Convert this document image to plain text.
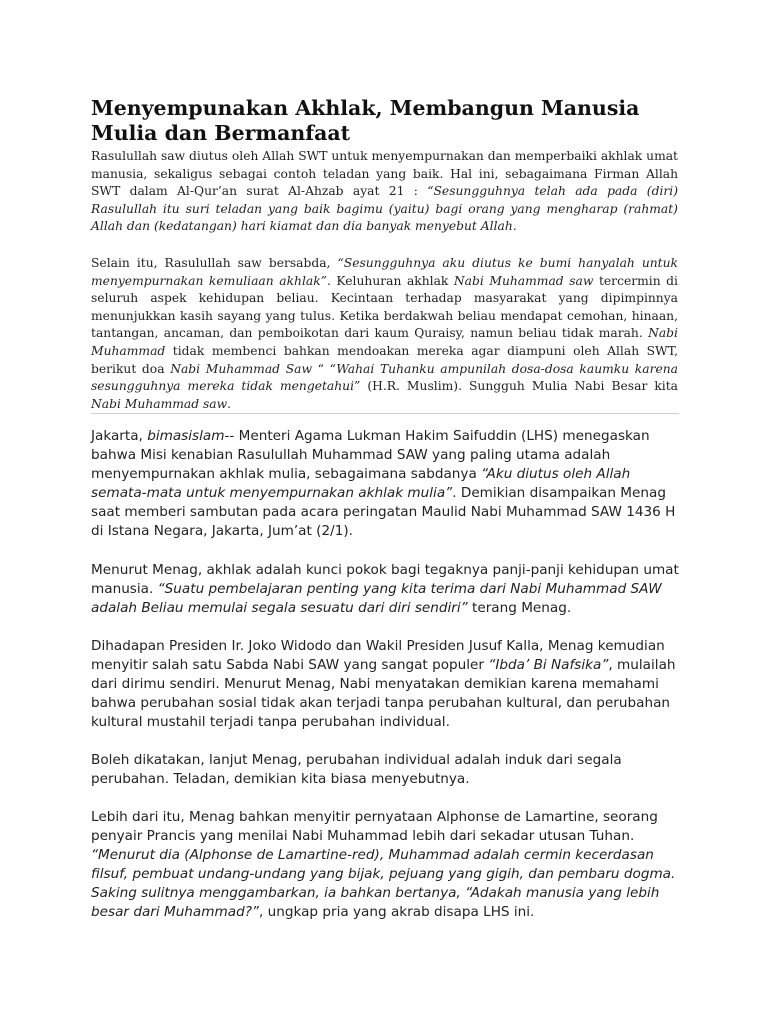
Menyempunakan Akhlak, Membangun Manusia Mulia dan Bermanfaat

Rasulullah saw diutus oleh Allah SWT untuk menyempurnakan dan memperbaiki akhlak umat manusia, sekaligus sebagai contoh teladan yang baik. Hal ini, sebagaimana Firman Allah SWT dalam Al-Qur’an surat Al-Ahzab ayat 21 : “Sesungguhnya telah ada pada (diri) Rasulullah itu suri teladan yang baik bagimu (yaitu) bagi orang yang mengharap (rahmat) Allah dan (kedatangan) hari kiamat dan dia banyak menyebut Allah.

Selain itu, Rasulullah saw bersabda, “Sesungguhnya aku diutus ke bumi hanyalah untuk menyempurnakan kemuliaan akhlak”. Keluhuran akhlak Nabi Muhammad saw tercermin di seluruh aspek kehidupan beliau. Kecintaan terhadap masyarakat yang dipimpinnya menunjukkan kasih sayang yang tulus. Ketika berdakwah beliau mendapat cemohan, hinaan, tantangan, ancaman, dan pemboikotan dari kaum Quraisy, namun beliau tidak marah. Nabi Muhammad tidak membenci bahkan mendoakan mereka agar diampuni oleh Allah SWT, berikut doa Nabi Muhammad Saw “ “Wahai Tuhanku ampunilah dosa-dosa kaumku karena sesungguhnya mereka tidak mengetahui” (H.R. Muslim). Sungguh Mulia Nabi Besar kita Nabi Muhammad saw.

Jakarta, bimasislam-- Menteri Agama Lukman Hakim Saifuddin (LHS) menegaskan bahwa Misi kenabian Rasulullah Muhammad SAW yang paling utama adalah menyempurnakan akhlak mulia, sebagaimana sabdanya “Aku diutus oleh Allah semata-mata untuk menyempurnakan akhlak mulia”. Demikian disampaikan Menag saat memberi sambutan pada acara peringatan Maulid Nabi Muhammad SAW 1436 H di Istana Negara, Jakarta, Jum’at (2/1).

Menurut Menag, akhlak adalah kunci pokok bagi tegaknya panji-panji kehidupan umat manusia. “Suatu pembelajaran penting yang kita terima dari Nabi Muhammad SAW adalah Beliau memulai segala sesuatu dari diri sendiri” terang Menag.

Dihadapan Presiden Ir. Joko Widodo dan Wakil Presiden Jusuf Kalla, Menag kemudian menyitir salah satu Sabda Nabi SAW yang sangat populer “Ibda’ Bi Nafsika”, mulailah dari dirimu sendiri. Menurut Menag, Nabi menyatakan demikian karena memahami bahwa perubahan sosial tidak akan terjadi tanpa perubahan kultural, dan perubahan kultural mustahil terjadi tanpa perubahan individual.

Boleh dikatakan, lanjut Menag, perubahan individual adalah induk dari segala perubahan. Teladan, demikian kita biasa menyebutnya.

Lebih dari itu, Menag bahkan menyitir pernyataan Alphonse de Lamartine, seorang penyair Prancis yang menilai Nabi Muhammad lebih dari sekadar utusan Tuhan. “Menurut dia (Alphonse de Lamartine-red), Muhammad adalah cermin kecerdasan filsuf, pembuat undang-undang yang bijak, pejuang yang gigih, dan pembaru dogma. Saking sulitnya menggambarkan, ia bahkan bertanya, “Adakah manusia yang lebih besar dari Muhammad?”, ungkap pria yang akrab disapa LHS ini.
